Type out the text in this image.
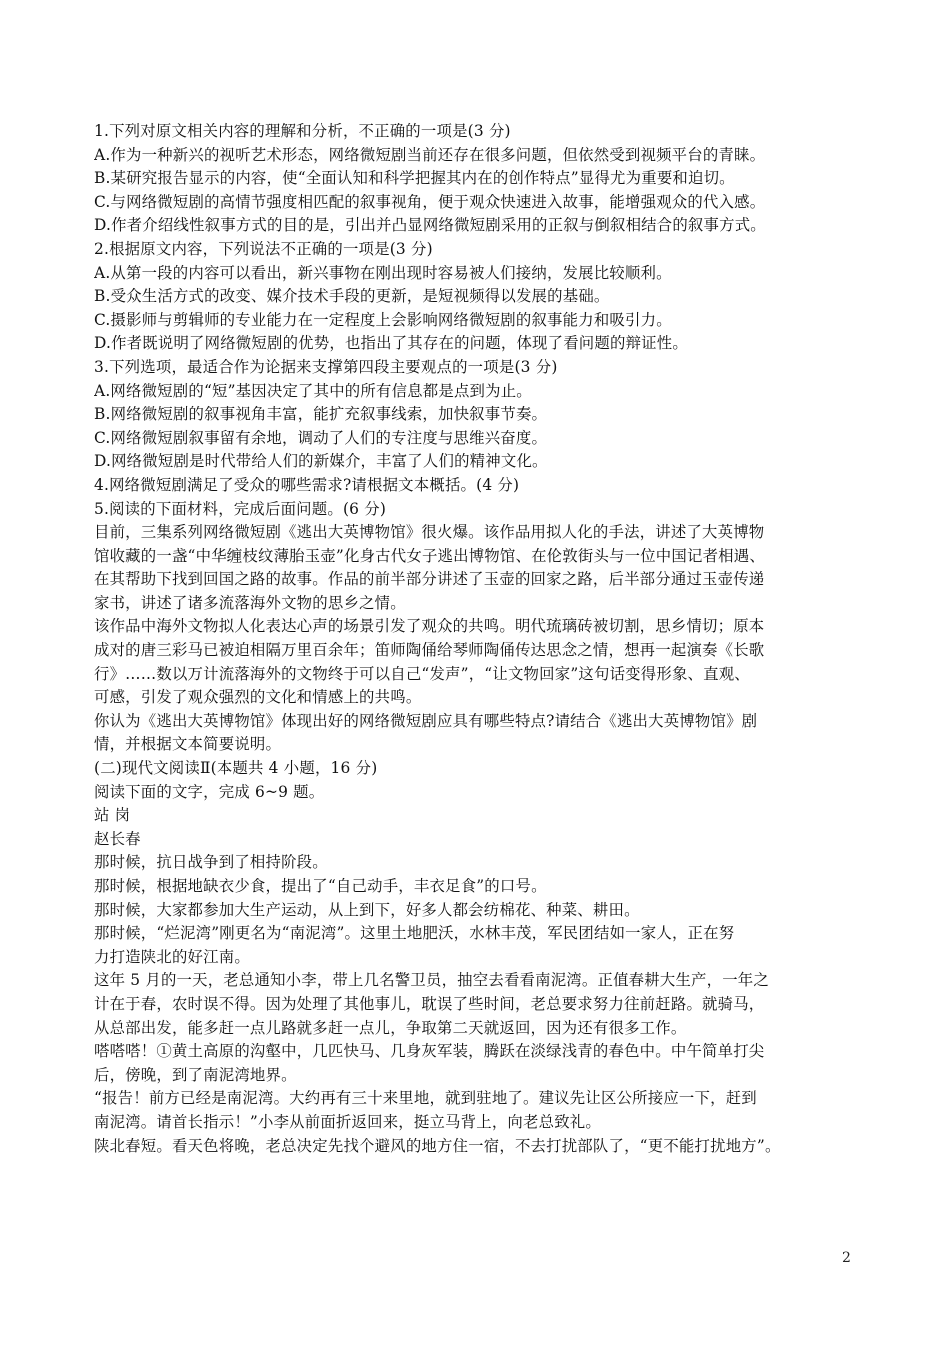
1.下列对原文相关内容的理解和分析，不正确的一项是(3 分)
A.作为一种新兴的视听艺术形态，网络微短剧当前还存在很多问题，但依然受到视频平台的青睐。
B.某研究报告显示的内容，使“全面认知和科学把握其内在的创作特点”显得尤为重要和迫切。
C.与网络微短剧的高情节强度相匹配的叙事视角，便于观众快速进入故事，能增强观众的代入感。
D.作者介绍线性叙事方式的目的是，引出并凸显网络微短剧采用的正叙与倒叙相结合的叙事方式。
2.根据原文内容，下列说法不正确的一项是(3 分)
A.从第一段的内容可以看出，新兴事物在刚出现时容易被人们接纳，发展比较顺利。
B.受众生活方式的改变、媒介技术手段的更新，是短视频得以发展的基础。
C.摄影师与剪辑师的专业能力在一定程度上会影响网络微短剧的叙事能力和吸引力。
D.作者既说明了网络微短剧的优势，也指出了其存在的问题，体现了看问题的辩证性。
3.下列选项，最适合作为论据来支撑第四段主要观点的一项是(3 分)
A.网络微短剧的“短”基因决定了其中的所有信息都是点到为止。
B.网络微短剧的叙事视角丰富，能扩充叙事线索，加快叙事节奏。
C.网络微短剧叙事留有余地，调动了人们的专注度与思维兴奋度。
D.网络微短剧是时代带给人们的新媒介，丰富了人们的精神文化。
4.网络微短剧满足了受众的哪些需求?请根据文本概括。(4 分)
5.阅读的下面材料，完成后面问题。(6 分)
目前，三集系列网络微短剧《逃出大英博物馆》很火爆。该作品用拟人化的手法，讲述了大英博物
馆收藏的一盏“中华缠枝纹薄胎玉壶”化身古代女子逃出博物馆、在伦敦街头与一位中国记者相遇、
在其帮助下找到回国之路的故事。作品的前半部分讲述了玉壶的回家之路，后半部分通过玉壶传递
家书，讲述了诸多流落海外文物的思乡之情。
该作品中海外文物拟人化表达心声的场景引发了观众的共鸣。明代琉璃砖被切割，思乡情切；原本
成对的唐三彩马已被迫相隔万里百余年；笛师陶俑给琴师陶俑传达思念之情，想再一起演奏《长歌
行》……数以万计流落海外的文物终于可以自己“发声”，“让文物回家”这句话变得形象、直观、
可感，引发了观众强烈的文化和情感上的共鸣。
你认为《逃出大英博物馆》体现出好的网络微短剧应具有哪些特点?请结合《逃出大英博物馆》剧
情，并根据文本简要说明。
(二)现代文阅读Ⅱ(本题共 4 小题，16 分)
阅读下面的文字，完成 6~9 题。
站 岗
赵长春
那时候，抗日战争到了相持阶段。
那时候，根据地缺衣少食，提出了“自己动手，丰衣足食”的口号。
那时候，大家都参加大生产运动，从上到下，好多人都会纺棉花、种菜、耕田。
那时候，“烂泥湾”刚更名为“南泥湾”。这里土地肥沃，水林丰茂，军民团结如一家人，正在努
力打造陕北的好江南。
这年 5 月的一天，老总通知小李，带上几名警卫员，抽空去看看南泥湾。正值春耕大生产，一年之
计在于春，农时误不得。因为处理了其他事儿，耽误了些时间，老总要求努力往前赶路。就骑马，
从总部出发，能多赶一点儿路就多赶一点儿，争取第二天就返回，因为还有很多工作。
嗒嗒嗒！①黄土高原的沟壑中，几匹快马、几身灰军装，腾跃在淡绿浅青的春色中。中午简单打尖
后，傍晚，到了南泥湾地界。
“报告！前方已经是南泥湾。大约再有三十来里地，就到驻地了。建议先让区公所接应一下，赶到
南泥湾。请首长指示！”小李从前面折返回来，挺立马背上，向老总致礼。
陕北春短。看天色将晚，老总决定先找个避风的地方住一宿，不去打扰部队了，“更不能打扰地方”。
2
